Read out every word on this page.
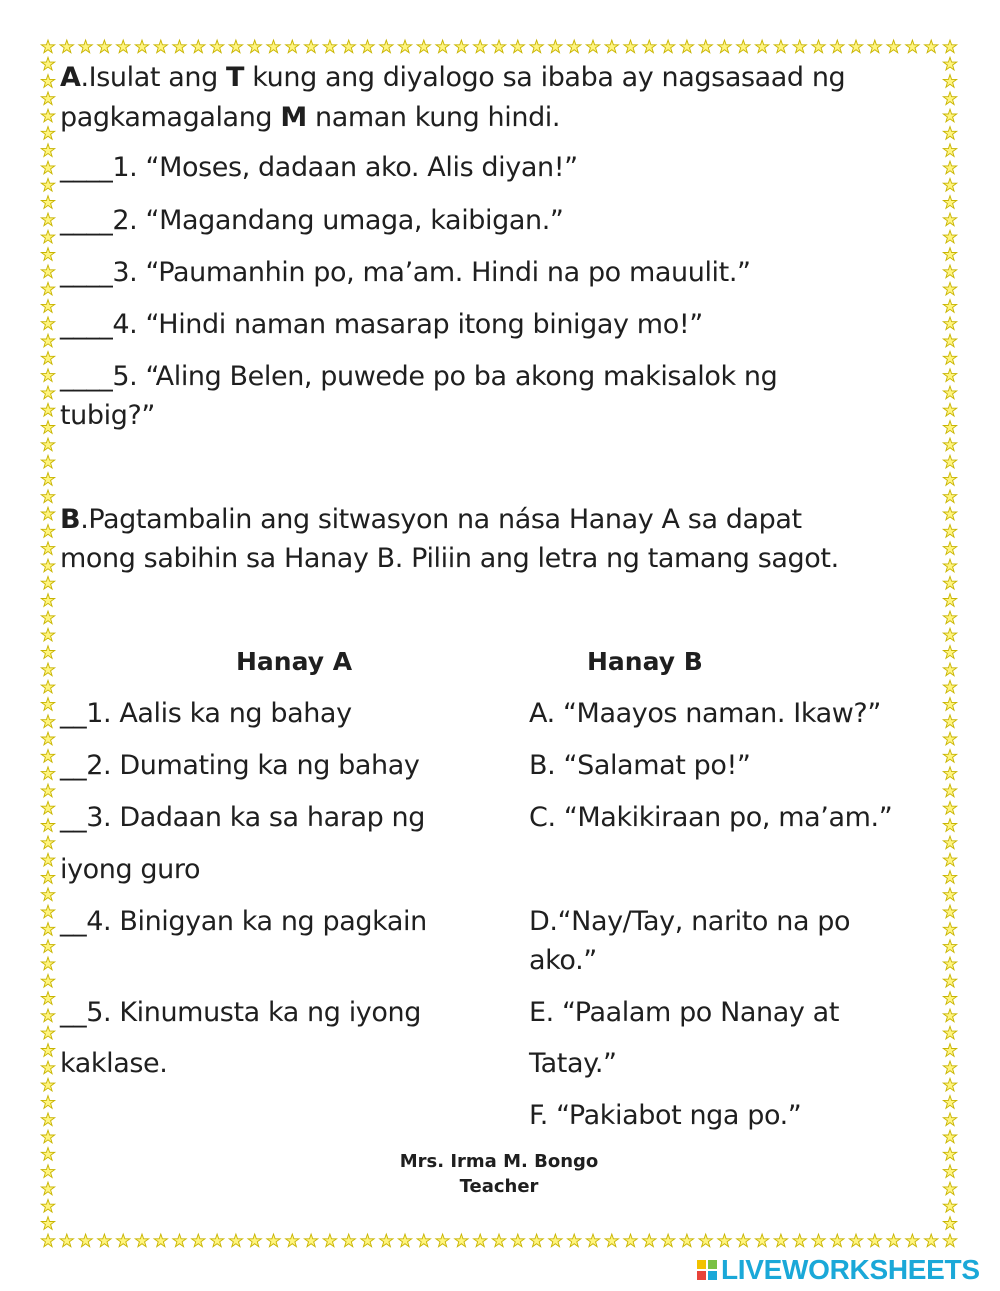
A.Isulat ang T kung ang diyalogo sa ibaba ay nagsasaad ng
pagkamagalang M naman kung hindi.
____1. “Moses, dadaan ako. Alis diyan!”
____2. “Magandang umaga, kaibigan.”
____3. “Paumanhin po, ma’am. Hindi na po mauulit.”
____4. “Hindi naman masarap itong binigay mo!”
____5. “Aling Belen, puwede po ba akong makisalok ng
tubig?”
B.Pagtambalin ang sitwasyon na nása Hanay A sa dapat
mong sabihin sa Hanay B. Piliin ang letra ng tamang sagot.
Hanay A	Hanay B
__1. Aalis ka ng bahay
__2. Dumating ka ng bahay
__3. Dadaan ka sa harap ng
iyong guro
__4. Binigyan ka ng pagkain
__5. Kinumusta ka ng iyong
kaklase.
A. “Maayos naman. Ikaw?”
B. “Salamat po!”
C. “Makikiraan po, ma’am.”
D.“Nay/Tay, narito na po
ako.”
E. “Paalam po Nanay at
Tatay.”
F. “Pakiabot nga po.”
Mrs. Irma M. Bongo
Teacher
LIVEWORKSHEETS
